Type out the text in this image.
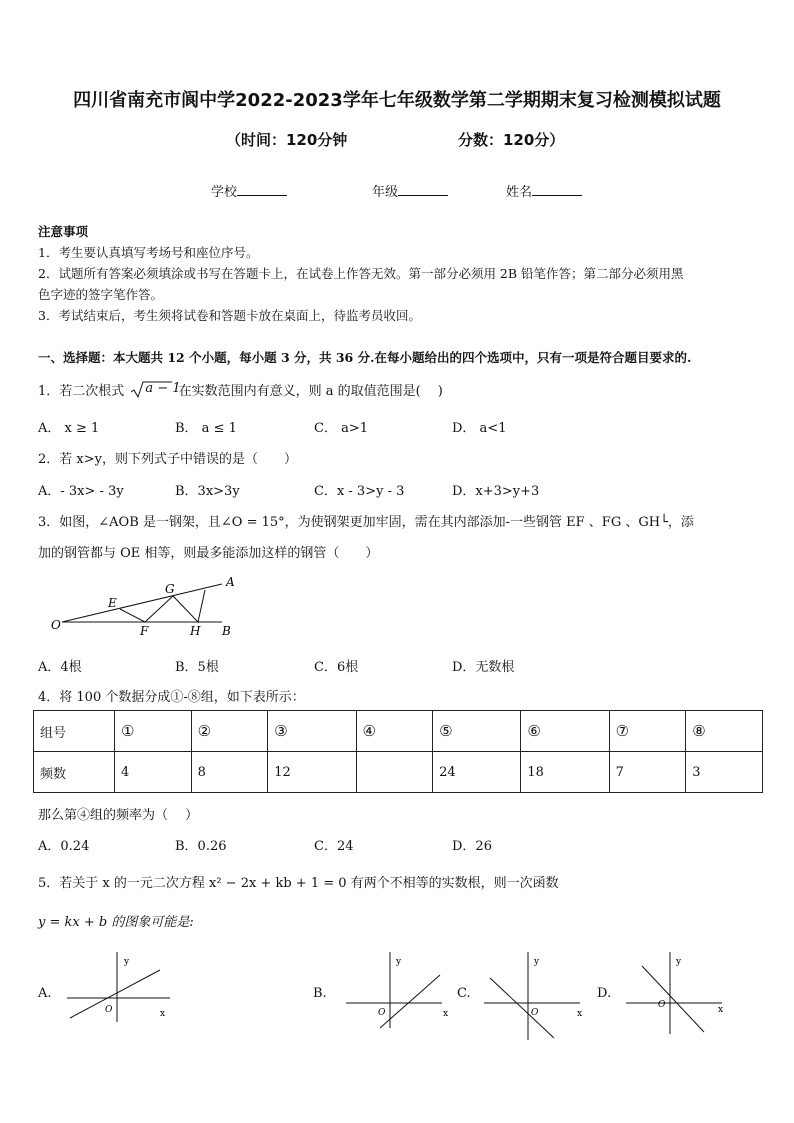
四川省南充市阆中学2022-2023学年七年级数学第二学期期末复习检测模拟试题
（时间：120分钟	分数：120分）
学校	年级	姓名
注意事项
1．考生要认真填写考场号和座位序号。
2．试题所有答案必须填涂或书写在答题卡上，在试卷上作答无效。第一部分必须用 2B 铅笔作答；第二部分必须用黑
色字迹的签字笔作答。
3．考试结束后，考生须将试卷和答题卡放在桌面上，待监考员收回。
一、选择题：本大题共 12 个小题，每小题 3 分，共 36 分.在每小题给出的四个选项中，只有一项是符合题目要求的.
1．若二次根式 a − 1
在实数范围内有意义，则 a 的取值范围是(　 )
A． x ≥ 1	B． a ≤ 1	C． a>1	D． a<1
2．若 x>y，则下列式子中错误的是（　　）
A．- 3x> - 3y	B．3x>3y	C．x - 3>y - 3	D．x+3>y+3
3．如图，∠AOB 是一钢架，且∠O = 15°，为使钢架更加牢固，需在其内部添加-一些钢管 EF 、FG 、GH└，添
加的钢管都与 OE 相等，则最多能添加这样的钢管（　　）
O
E
F
G
H
A
B
A．4根	B．5根	C．6根	D．无数根
4．将 100 个数据分成①-⑧组，如下表所示：
组号	①	②	③	④	⑤	⑥	⑦	⑧
频数	4	8	12		24	18	7	3
那么第④组的频率为（　 ）
A．0.24	B．0.26	C．24	D．26
5．若关于 x 的一元二次方程 x² − 2x + kb + 1 = 0 有两个不相等的实数根，则一次函数
y = kx + b 的图象可能是:
A.
y
x
O
B.
y
x
O
C.
y
x
O
D.
y
x
O
